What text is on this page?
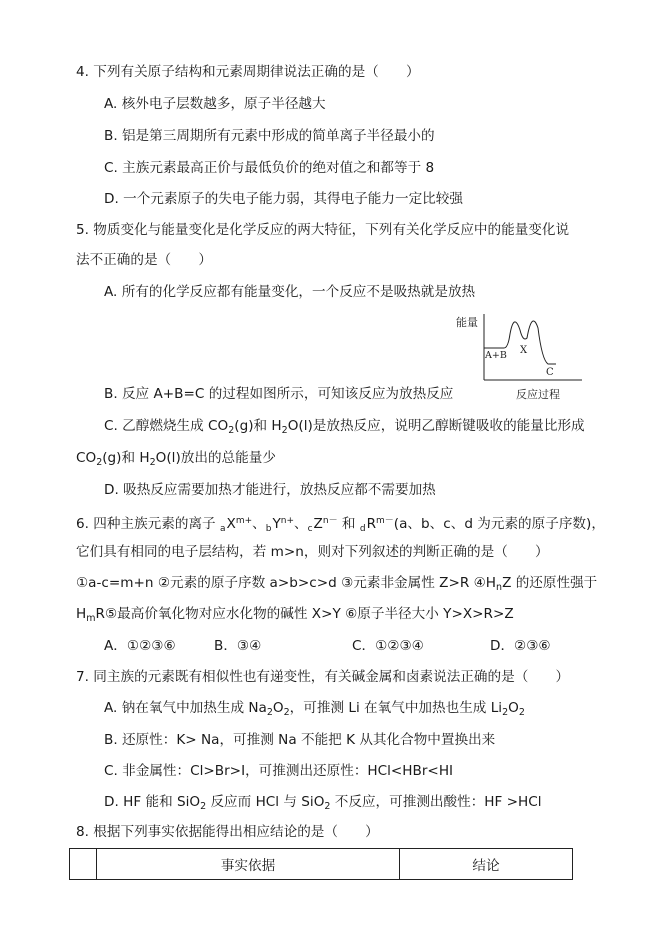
4. 下列有关原子结构和元素周期律说法正确的是（　　）
A. 核外电子层数越多，原子半径越大
B. 铝是第三周期所有元素中形成的简单离子半径最小的
C. 主族元素最高正价与最低负价的绝对值之和都等于 8
D. 一个元素原子的失电子能力弱，其得电子能力一定比较强
5. 物质变化与能量变化是化学反应的两大特征，下列有关化学反应中的能量变化说
法不正确的是（　　）
A. 所有的化学反应都有能量变化，一个反应不是吸热就是放热
能量
A+B X
C
反应过程
B. 反应 A+B=C 的过程如图所示，可知该反应为放热反应
C. 乙醇燃烧生成 $CO_2(g)$和 $H_2O(l)$是放热反应，说明乙醇断键吸收的能量比形成
$CO_2(g)$和 $H_2O(l)$放出的总能量少
D. 吸热反应需要加热才能进行，放热反应都不需要加热
6. 四种主族元素的离子 $_aX^{m+}$、$_bY^{n+}$、$_cZ^{n-}$ 和 $_dR^{m-}(a$、b、c、d 为元素的原子序数)，
它们具有相同的电子层结构，若 m>n，则对下列叙述的判断正确的是（　　）
①a-c=m+n ②元素的原子序数 a>b>c>d ③元素非金属性 Z>R $④H_nZ$ 的还原性强于
$H_mR⑤$最高价氧化物对应水化物的碱性 X>Y ⑥原子半径大小 Y>X>R>Z
A．①②③⑥	B．③④	C．①②③④	D．②③⑥
7. 同主族的元素既有相似性也有递变性，有关碱金属和卤素说法正确的是（　　）
A. 钠在氧气中加热生成 $Na_2O_2$，可推测 Li 在氧气中加热也生成 $Li_2O_2$
B. 还原性：K> Na，可推测 Na 不能把 K 从其化合物中置换出来
C. 非金属性：Cl>Br>I，可推测出还原性：HCl<HBr<HI
D. HF 能和 SiO$_2$ 反应而 HCl 与 SiO$_2$ 不反应，可推测出酸性：HF >HCl
8. 根据下列事实依据能得出相应结论的是（　　）
	事实依据	结论
